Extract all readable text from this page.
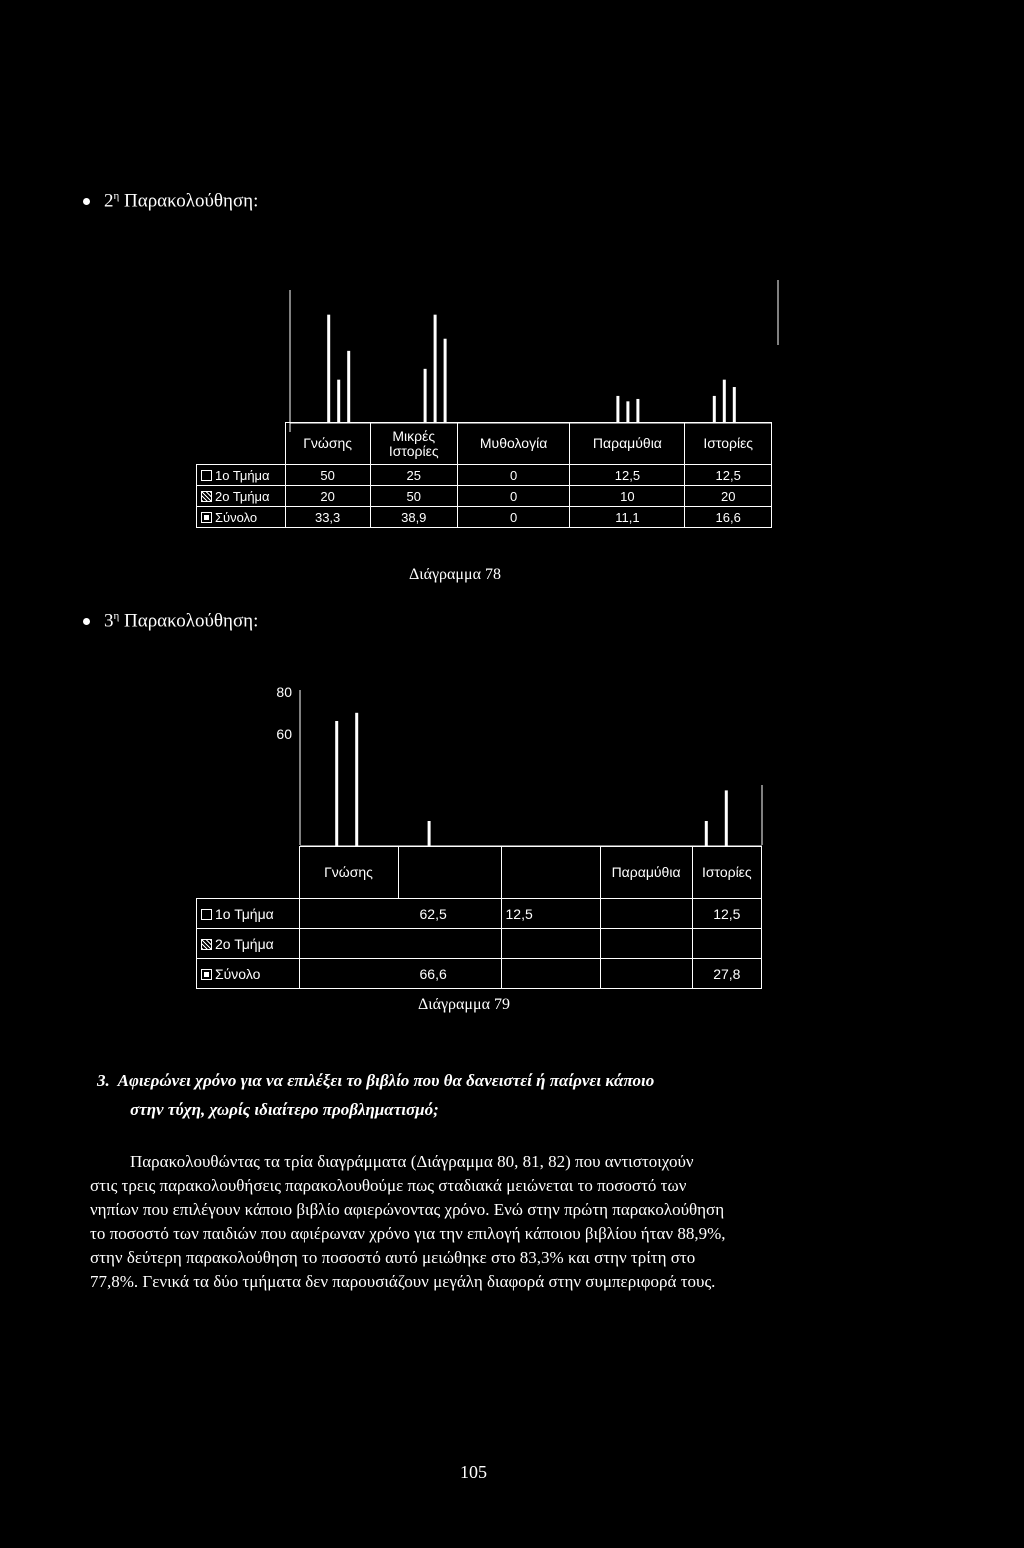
$2^\eta$ Παρακολούθηση:
	Γνώσης	Μικρές Ιστορίες	Μυθολογία	Παραμύθια	Ιστορίες
1ο Τμήμα	50	25	0	12,5	12,5
2ο Τμήμα	20	50	0	10	20
Σύνολο	33,3	38,9	0	11,1	16,6
Διάγραμμα 78
$3^\eta$ Παρακολούθηση:
80
60
	Γνώσης			Παραμύθια	Ιστορίες
1ο Τμήμα	62,5		12,5		12,5
2ο Τμήμα					
Σύνολο	66,6				27,8
Διάγραμμα 79
3. Αφιερώνει χρόνο για να επιλέξει το βιβλίο που θα δανειστεί ή παίρνει κάποιο
στην τύχη, χωρίς ιδιαίτερο προβληματισμό;
Παρακολουθώντας τα τρία διαγράμματα (Διάγραμμα 80, 81, 82) που αντιστοιχούν
στις τρεις παρακολουθήσεις παρακολουθούμε πως σταδιακά μειώνεται το ποσοστό των
νηπίων που επιλέγουν κάποιο βιβλίο αφιερώνοντας χρόνο. Ενώ στην πρώτη παρακολούθηση
το ποσοστό των παιδιών που αφιέρωναν χρόνο για την επιλογή κάποιου βιβλίου ήταν 88,9%,
στην δεύτερη παρακολούθηση το ποσοστό αυτό μειώθηκε στο 83,3% και στην τρίτη στο
77,8%. Γενικά τα δύο τμήματα δεν παρουσιάζουν μεγάλη διαφορά στην συμπεριφορά τους.
105
